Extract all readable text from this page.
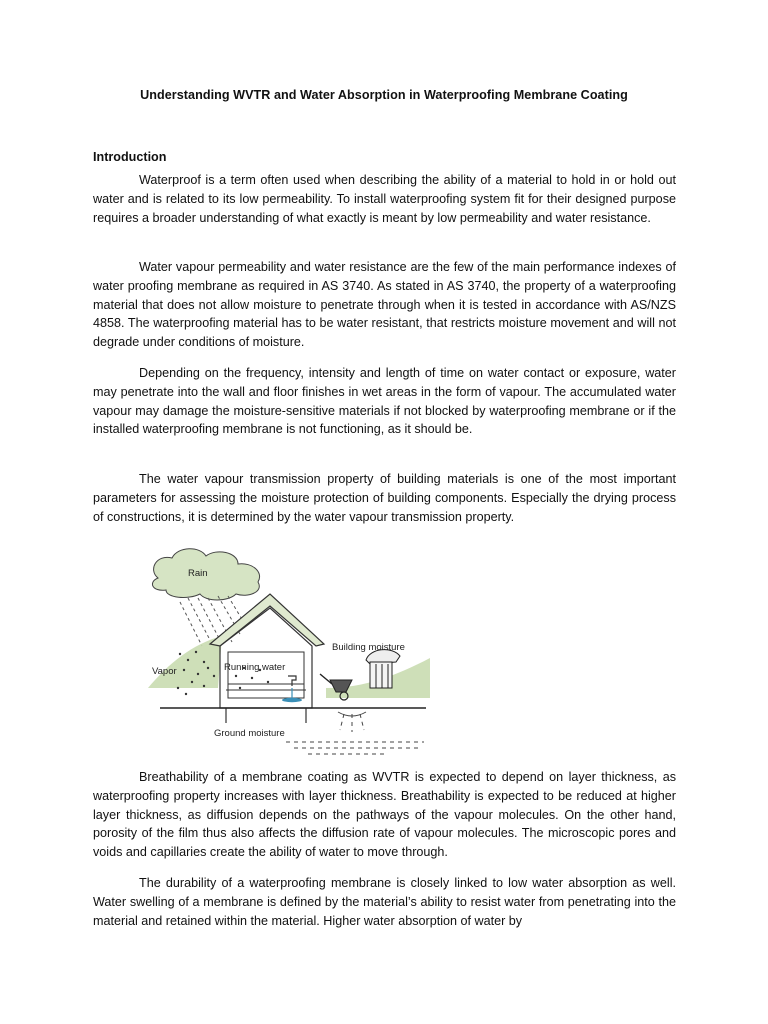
Understanding WVTR and Water Absorption in Waterproofing Membrane Coating
Introduction

Waterproof is a term often used when describing the ability of a material to hold in or hold out water and is related to its low permeability. To install waterproofing system fit for their designed purpose requires a broader understanding of what exactly is meant by low permeability and water resistance.

Water vapour permeability and water resistance are the few of the main performance indexes of water proofing membrane as required in AS 3740. As stated in AS 3740, the property of a waterproofing material that does not allow moisture to penetrate through when it is tested in accordance with AS/NZS 4858. The waterproofing material has to be water resistant, that restricts moisture movement and will not degrade under conditions of moisture.

Depending on the frequency, intensity and length of time on water contact or exposure, water may penetrate into the wall and floor finishes in wet areas in the form of vapour. The accumulated water vapour may damage the moisture-sensitive materials if not blocked by waterproofing membrane or if the installed waterproofing membrane is not functioning, as it should be.

The water vapour transmission property of building materials is one of the most important parameters for assessing the moisture protection of building components. Especially the drying process of constructions, it is determined by the water vapour transmission property.

Rain
Vapor	Running water
Building moisture
Ground moisture

Breathability of a membrane coating as WVTR is expected to depend on layer thickness, as waterproofing property increases with layer thickness. Breathability is expected to be reduced at higher layer thickness, as diffusion depends on the pathways of the vapour molecules. On the other hand, porosity of the film thus also affects the diffusion rate of vapour molecules. The microscopic pores and voids and capillaries create the ability of water to move through.

The durability of a waterproofing membrane is closely linked to low water absorption as well. Water swelling of a membrane is defined by the material’s ability to resist water from penetrating into the material and retained within the material. Higher water absorption of water by
